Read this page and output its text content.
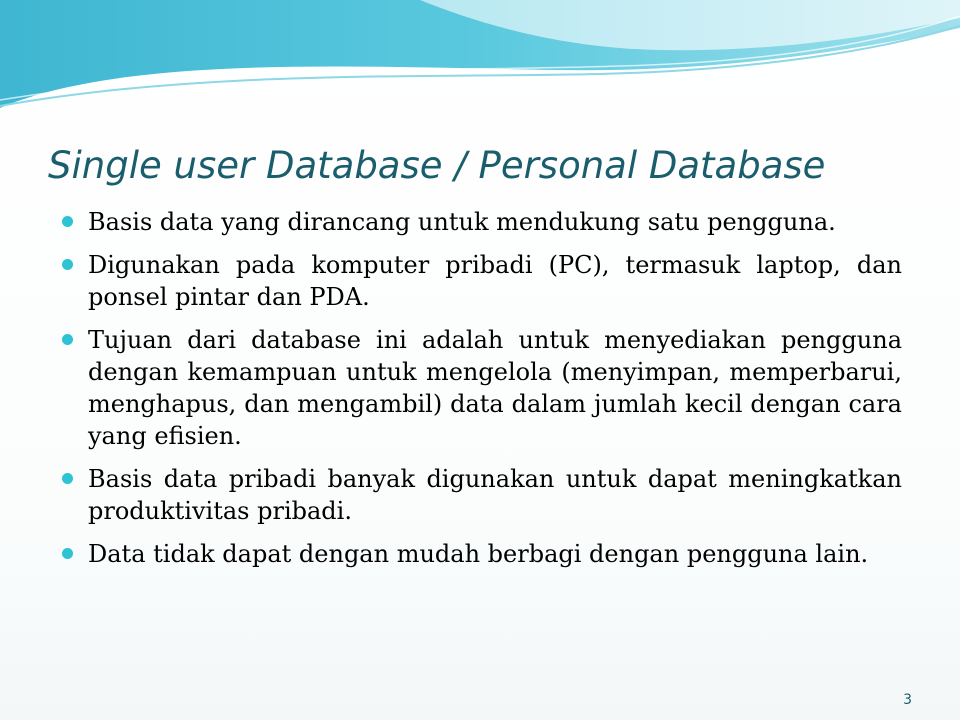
Single user Database / Personal Database
Basis data yang dirancang untuk mendukung satu pengguna.
Digunakan pada komputer pribadi (PC), termasuk laptop, dan ponsel pintar dan PDA.
Tujuan dari database ini adalah untuk menyediakan pengguna dengan kemampuan untuk mengelola (menyimpan, memperbarui, menghapus, dan mengambil) data dalam jumlah kecil dengan cara yang efisien.
Basis data pribadi banyak digunakan untuk dapat meningkatkan produktivitas pribadi.
Data tidak dapat dengan mudah berbagi dengan pengguna lain.
3
